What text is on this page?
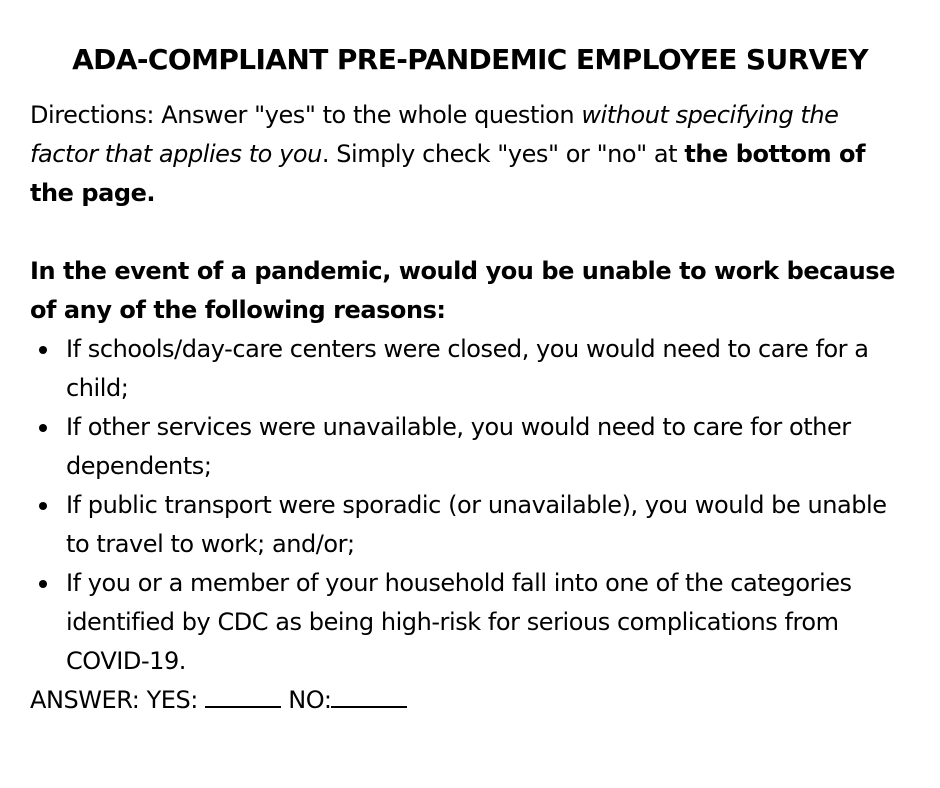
ADA-COMPLIANT PRE-PANDEMIC EMPLOYEE SURVEY

Directions: Answer "yes" to the whole question without specifying the factor that applies to you. Simply check "yes" or "no" at the bottom of the page.

In the event of a pandemic, would you be unable to work because of any of the following reasons:

If schools/day-care centers were closed, you would need to care for a child;
If other services were unavailable, you would need to care for other dependents;
If public transport were sporadic (or unavailable), you would be unable to travel to work; and/or;
If you or a member of your household fall into one of the categories identified by CDC as being high-risk for serious complications from COVID-19.

ANSWER: YES:	NO:
